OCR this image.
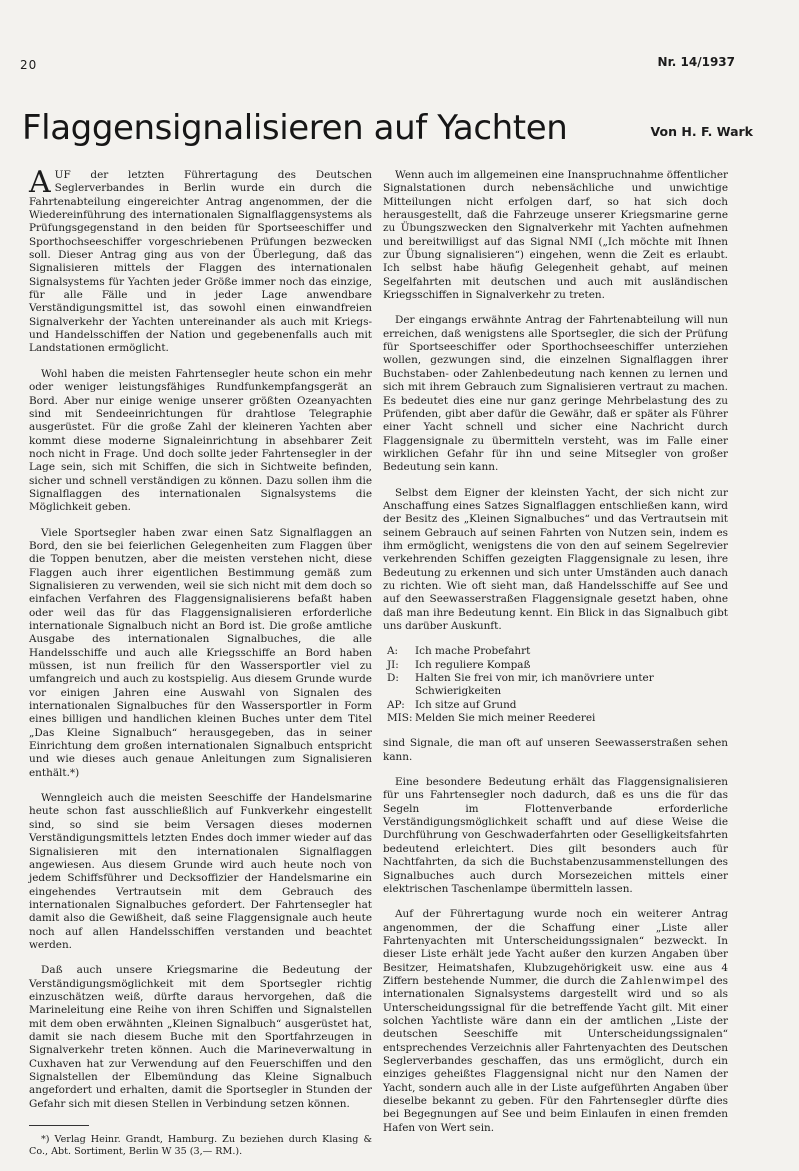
20	Nr. 14/1937
Flaggensignalisieren auf Yachten	Von H. F. Wark

AUF der letzten Führertagung des Deutschen Seglerverbandes in Berlin wurde ein durch die Fahrtenabteilung eingereichter Antrag angenommen, der die Wiedereinführung des internationalen Signalflaggensystems als Prüfungsgegenstand in den beiden für Sportseeschiffer und Sporthochseeschiffer vorgeschriebenen Prüfungen bezwecken soll. Dieser Antrag ging aus von der Überlegung, daß das Signalisieren mittels der Flaggen des internationalen Signalsystems für Yachten jeder Größe immer noch das einzige, für alle Fälle und in jeder Lage anwendbare Verständigungsmittel ist, das sowohl einen einwandfreien Signalverkehr der Yachten untereinander als auch mit Kriegs- und Handelsschiffen der Nation und gegebenenfalls auch mit Landstationen ermöglicht.

Wohl haben die meisten Fahrtensegler heute schon ein mehr oder weniger leistungsfähiges Rundfunkempfangsgerät an Bord. Aber nur einige wenige unserer größten Ozeanyachten sind mit Sendeeinrichtungen für drahtlose Telegraphie ausgerüstet. Für die große Zahl der kleineren Yachten aber kommt diese moderne Signaleinrichtung in absehbarer Zeit noch nicht in Frage. Und doch sollte jeder Fahrtensegler in der Lage sein, sich mit Schiffen, die sich in Sichtweite befinden, sicher und schnell verständigen zu können. Dazu sollen ihm die Signalflaggen des internationalen Signalsystems die Möglichkeit geben.

Viele Sportsegler haben zwar einen Satz Signalflaggen an Bord, den sie bei feierlichen Gelegenheiten zum Flaggen über die Toppen benutzen, aber die meisten verstehen nicht, diese Flaggen auch ihrer eigentlichen Bestimmung gemäß zum Signalisieren zu verwenden, weil sie sich nicht mit dem doch so einfachen Verfahren des Flaggensignalisierens befaßt haben oder weil das für das Flaggensignalisieren erforderliche internationale Signalbuch nicht an Bord ist. Die große amtliche Ausgabe des internationalen Signalbuches, die alle Handelsschiffe und auch alle Kriegsschiffe an Bord haben müssen, ist nun freilich für den Wassersportler viel zu umfangreich und auch zu kostspielig. Aus diesem Grunde wurde vor einigen Jahren eine Auswahl von Signalen des internationalen Signalbuches für den Wassersportler in Form eines billigen und handlichen kleinen Buches unter dem Titel „Das Kleine Signalbuch“ herausgegeben, das in seiner Einrichtung dem großen internationalen Signalbuch entspricht und wie dieses auch genaue Anleitungen zum Signalisieren enthält.*)

Wenngleich auch die meisten Seeschiffe der Handelsmarine heute schon fast ausschließlich auf Funkverkehr eingestellt sind, so sind sie beim Versagen dieses modernen Verständigungsmittels letzten Endes doch immer wieder auf das Signalisieren mit den internationalen Signalflaggen angewiesen. Aus diesem Grunde wird auch heute noch von jedem Schiffsführer und Decksoffizier der Handelsmarine ein eingehendes Vertrautsein mit dem Gebrauch des internationalen Signalbuches gefordert. Der Fahrtensegler hat damit also die Gewißheit, daß seine Flaggensignale auch heute noch auf allen Handelsschiffen verstanden und beachtet werden.

Daß auch unsere Kriegsmarine die Bedeutung der Verständigungsmöglichkeit mit dem Sportsegler richtig einzuschätzen weiß, dürfte daraus hervorgehen, daß die Marineleitung eine Reihe von ihren Schiffen und Signalstellen mit dem oben erwähnten „Kleinen Signalbuch“ ausgerüstet hat, damit sie nach diesem Buche mit den Sportfahrzeugen in Signalverkehr treten können. Auch die Marineverwaltung in Cuxhaven hat zur Verwendung auf den Feuerschiffen und den Signalstellen der Elbemündung das Kleine Signalbuch angefordert und erhalten, damit die Sportsegler in Stunden der Gefahr sich mit diesen Stellen in Verbindung setzen können.

*) Verlag Heinr. Grandt, Hamburg. Zu beziehen durch Klasing & Co., Abt. Sortiment, Berlin W 35 (3,— RM.).

Wenn auch im allgemeinen eine Inanspruchnahme öffentlicher Signalstationen durch nebensächliche und unwichtige Mitteilungen nicht erfolgen darf, so hat sich doch herausgestellt, daß die Fahrzeuge unserer Kriegsmarine gerne zu Übungszwecken den Signalverkehr mit Yachten aufnehmen und bereitwilligst auf das Signal NMI („Ich möchte mit Ihnen zur Übung signalisieren“) eingehen, wenn die Zeit es erlaubt. Ich selbst habe häufig Gelegenheit gehabt, auf meinen Segelfahrten mit deutschen und auch mit ausländischen Kriegsschiffen in Signalverkehr zu treten.

Der eingangs erwähnte Antrag der Fahrtenabteilung will nun erreichen, daß wenigstens alle Sportsegler, die sich der Prüfung für Sportseeschiffer oder Sporthochseeschiffer unterziehen wollen, gezwungen sind, die einzelnen Signalflaggen ihrer Buchstaben- oder Zahlenbedeutung nach kennen zu lernen und sich mit ihrem Gebrauch zum Signalisieren vertraut zu machen. Es bedeutet dies eine nur ganz geringe Mehrbelastung des zu Prüfenden, gibt aber dafür die Gewähr, daß er später als Führer einer Yacht schnell und sicher eine Nachricht durch Flaggensignale zu übermitteln versteht, was im Falle einer wirklichen Gefahr für ihn und seine Mitsegler von großer Bedeutung sein kann.

Selbst dem Eigner der kleinsten Yacht, der sich nicht zur Anschaffung eines Satzes Signalflaggen entschließen kann, wird der Besitz des „Kleinen Signalbuches“ und das Vertrautsein mit seinem Gebrauch auf seinen Fahrten von Nutzen sein, indem es ihm ermöglicht, wenigstens die von den auf seinem Segelrevier verkehrenden Schiffen gezeigten Flaggensignale zu lesen, ihre Bedeutung zu erkennen und sich unter Umständen auch danach zu richten. Wie oft sieht man, daß Handelsschiffe auf See und auf den Seewasserstraßen Flaggensignale gesetzt haben, ohne daß man ihre Bedeutung kennt. Ein Blick in das Signalbuch gibt uns darüber Auskunft.

A:	Ich mache Probefahrt
JI:	Ich reguliere Kompaß
D:	Halten Sie frei von mir, ich manövriere unter Schwierigkeiten
AP: Ich sitze auf Grund
MIS: Melden Sie mich meiner Reederei

sind Signale, die man oft auf unseren Seewasserstraßen sehen kann.

Eine besondere Bedeutung erhält das Flaggensignalisieren für uns Fahrtensegler noch dadurch, daß es uns die für das Segeln im Flottenverbande erforderliche Verständigungsmöglichkeit schafft und auf diese Weise die Durchführung von Geschwaderfahrten oder Geselligkeitsfahrten bedeutend erleichtert. Dies gilt besonders auch für Nachtfahrten, da sich die Buchstabenzusammenstellungen des Signalbuches auch durch Morsezeichen mittels einer elektrischen Taschenlampe übermitteln lassen.

Auf der Führertagung wurde noch ein weiterer Antrag angenommen, der die Schaffung einer „Liste aller Fahrtenyachten mit Unterscheidungssignalen“ bezweckt. In dieser Liste erhält jede Yacht außer den kurzen Angaben über Besitzer, Heimatshafen, Klubzugehörigkeit usw. eine aus 4 Ziffern bestehende Nummer, die durch die Zahlenwimpel des internationalen Signalsystems dargestellt wird und so als Unterscheidungssignal für die betreffende Yacht gilt. Mit einer solchen Yachtliste wäre dann ein der amtlichen „Liste der deutschen Seeschiffe mit Unterscheidungssignalen“ entsprechendes Verzeichnis aller Fahrtenyachten des Deutschen Seglerverbandes geschaffen, das uns ermöglicht, durch ein einziges geheißtes Flaggensignal nicht nur den Namen der Yacht, sondern auch alle in der Liste aufgeführten Angaben über dieselbe bekannt zu geben. Für den Fahrtensegler dürfte dies bei Begegnungen auf See und beim Einlaufen in einen fremden Hafen von Wert sein.
